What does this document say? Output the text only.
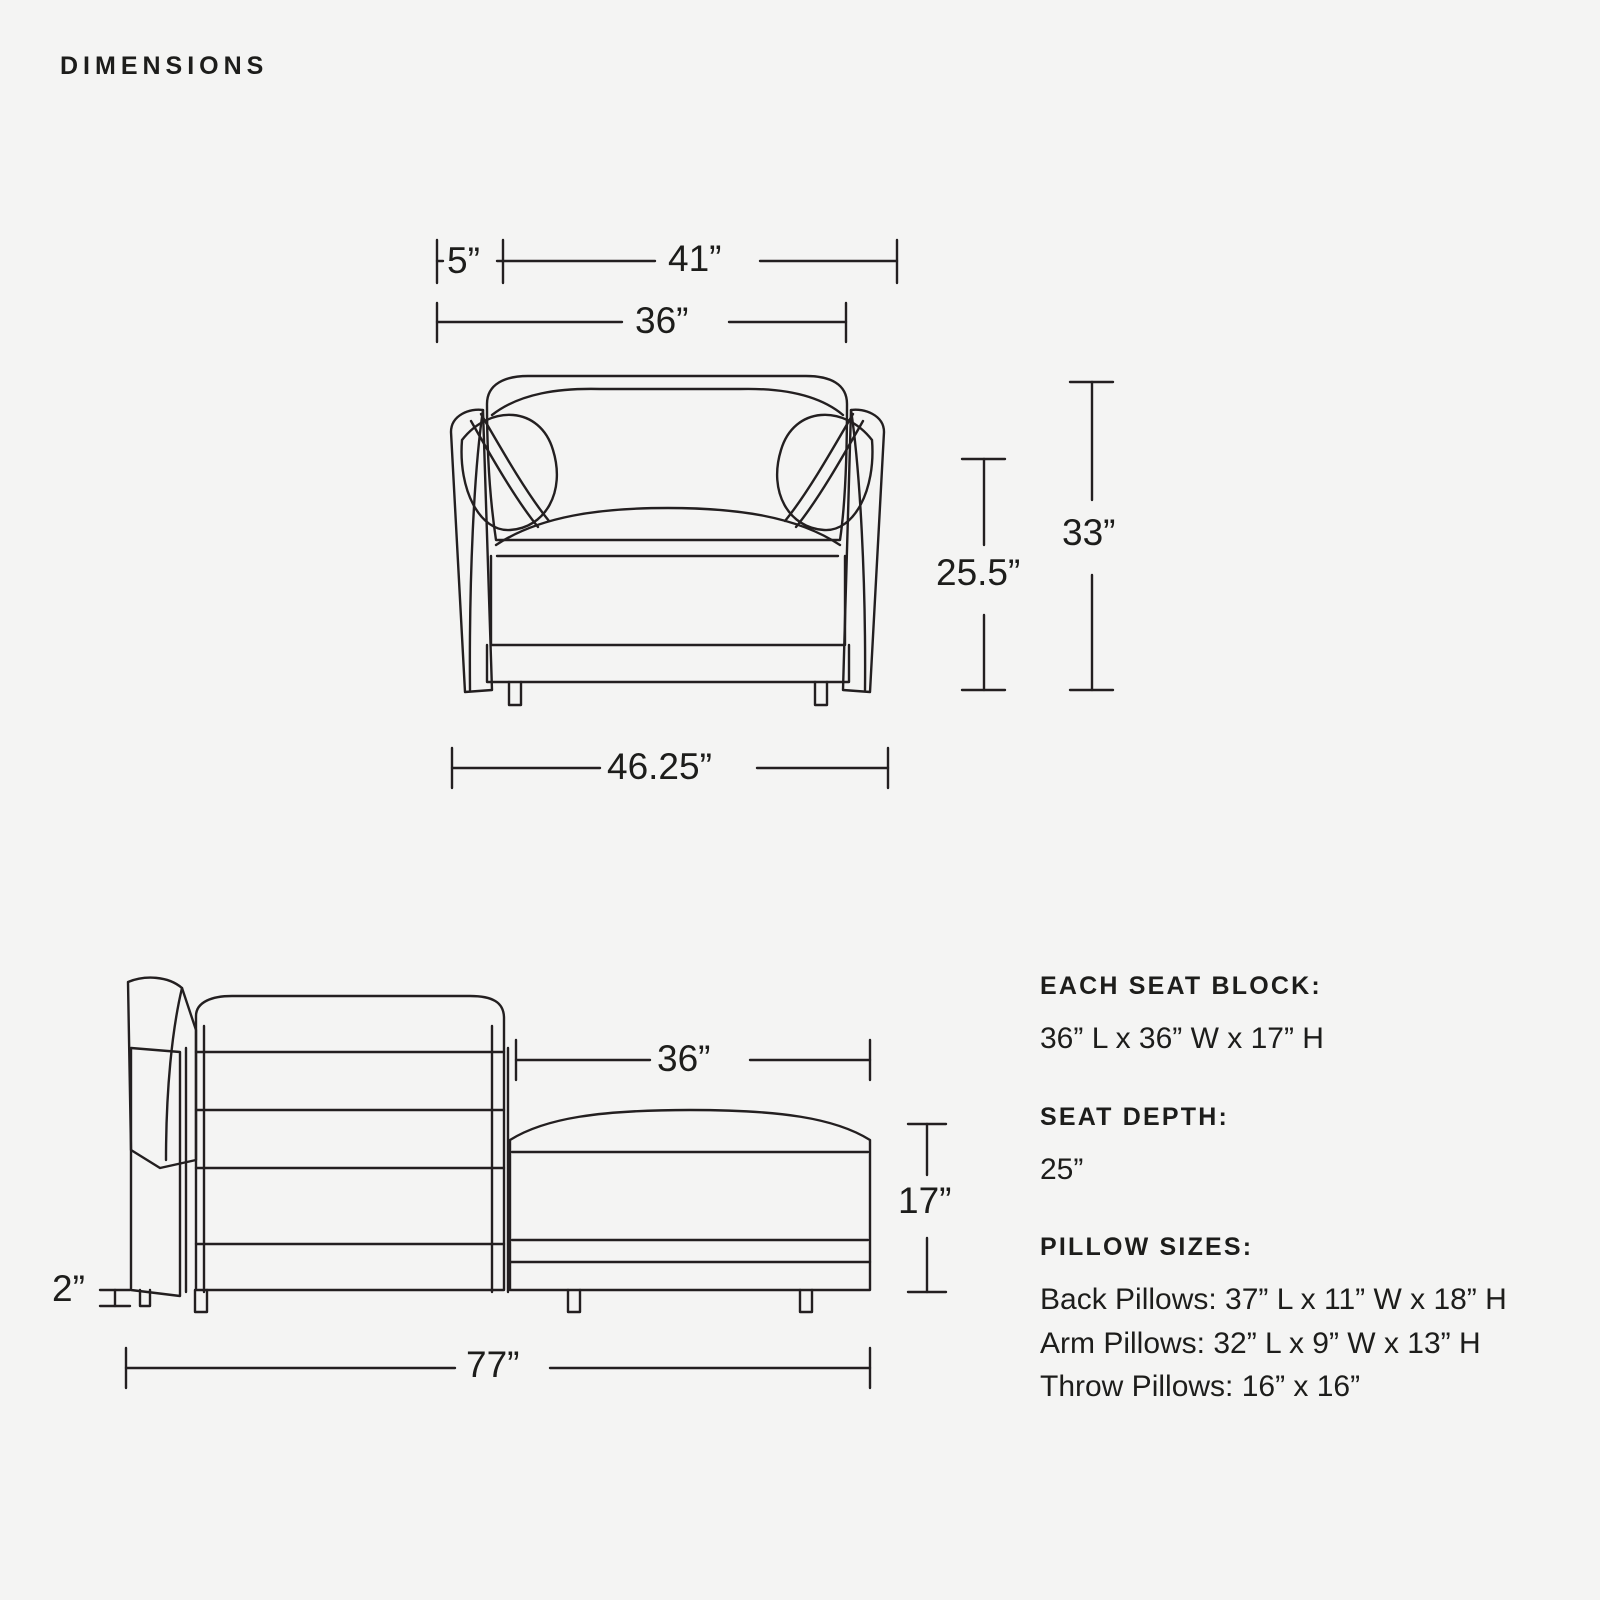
DIMENSIONS
5”	41”
36”
25.5”
33”
46.25”
36”
17”
2”
77”
EACH SEAT BLOCK:
36” L x 36” W x 17” H
SEAT DEPTH:
25”
PILLOW SIZES:
Back Pillows: 37” L x 11” W x 18” H
Arm Pillows: 32” L x 9” W x 13” H
Throw Pillows: 16” x 16”
